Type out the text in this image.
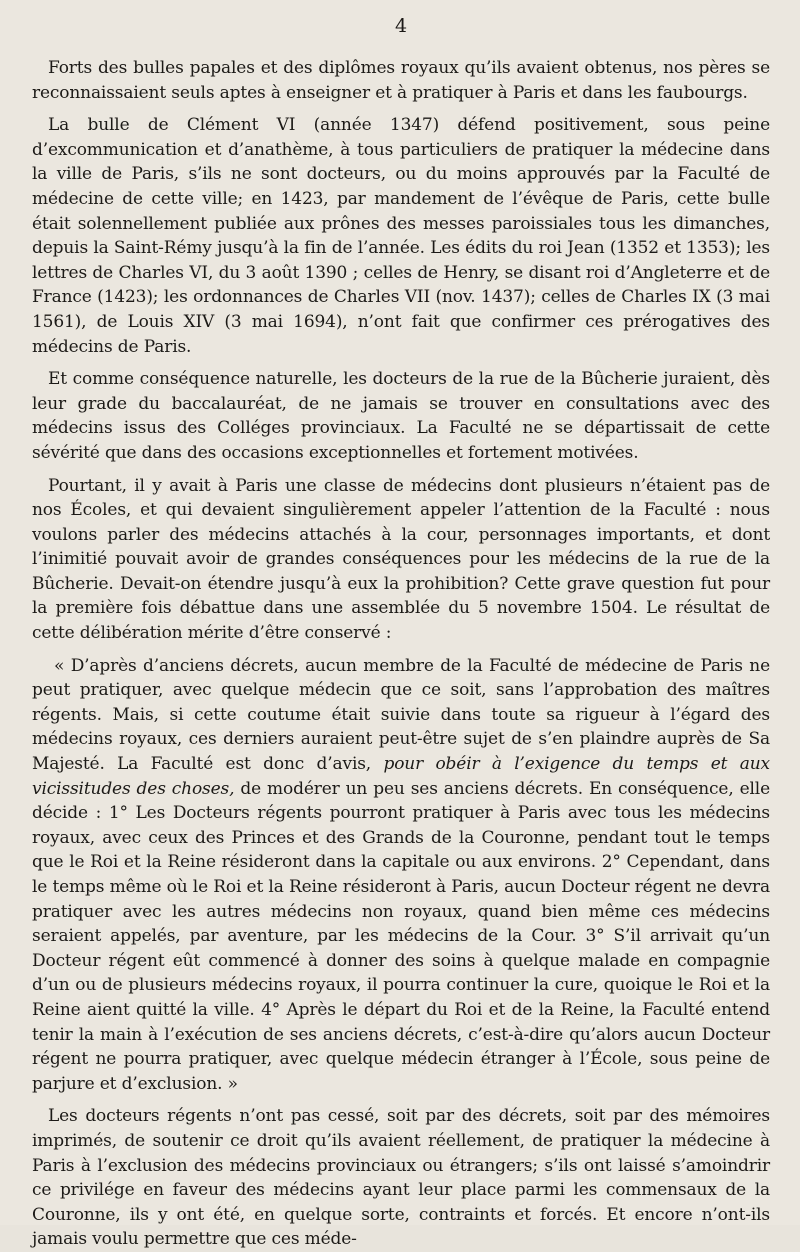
4

Forts des bulles papales et des diplômes royaux qu’ils avaient obtenus, nos pères se reconnaissaient seuls aptes à enseigner et à pratiquer à Paris et dans les faubourgs.

La bulle de Clément VI (année 1347) défend positivement, sous peine d’excommunication et d’anathème, à tous particuliers de pratiquer la médecine dans la ville de Paris, s’ils ne sont docteurs, ou du moins approuvés par la Faculté de médecine de cette ville; en 1423, par mandement de l’évêque de Paris, cette bulle était solennellement publiée aux prônes des messes paroissiales tous les dimanches, depuis la Saint-Rémy jusqu’à la fin de l’année. Les édits du roi Jean (1352 et 1353); les lettres de Charles VI, du 3 août 1390 ; celles de Henry, se disant roi d’Angleterre et de France (1423); les ordonnances de Charles VII (nov. 1437); celles de Charles IX (3 mai 1561), de Louis XIV (3 mai 1694), n’ont fait que confirmer ces prérogatives des médecins de Paris.

Et comme conséquence naturelle, les docteurs de la rue de la Bûcherie juraient, dès leur grade du baccalauréat, de ne jamais se trouver en consultations avec des médecins issus des Colléges provinciaux. La Faculté ne se départissait de cette sévérité que dans des occasions exceptionnelles et fortement motivées.

Pourtant, il y avait à Paris une classe de médecins dont plusieurs n’étaient pas de nos Écoles, et qui devaient singulièrement appeler l’attention de la Faculté : nous voulons parler des médecins attachés à la cour, personnages importants, et dont l’inimitié pouvait avoir de grandes conséquences pour les médecins de la rue de la Bûcherie. Devait-on étendre jusqu’à eux la prohibition? Cette grave question fut pour la première fois débattue dans une assemblée du 5 novembre 1504. Le résultat de cette délibération mérite d’être conservé :

« D’après d’anciens décrets, aucun membre de la Faculté de médecine de Paris ne peut pratiquer, avec quelque médecin que ce soit, sans l’approbation des maîtres régents. Mais, si cette coutume était suivie dans toute sa rigueur à l’égard des médecins royaux, ces derniers auraient peut-être sujet de s’en plaindre auprès de Sa Majesté. La Faculté est donc d’avis, pour obéir à l’exigence du temps et aux vicissitudes des choses, de modérer un peu ses anciens décrets. En conséquence, elle décide : 1° Les Docteurs régents pourront pratiquer à Paris avec tous les médecins royaux, avec ceux des Princes et des Grands de la Couronne, pendant tout le temps que le Roi et la Reine résideront dans la capitale ou aux environs. 2° Cependant, dans le temps même où le Roi et la Reine résideront à Paris, aucun Docteur régent ne devra pratiquer avec les autres médecins non royaux, quand bien même ces médecins seraient appelés, par aventure, par les médecins de la Cour. 3° S’il arrivait qu’un Docteur régent eût commencé à donner des soins à quelque malade en compagnie d’un ou de plusieurs médecins royaux, il pourra continuer la cure, quoique le Roi et la Reine aient quitté la ville. 4° Après le départ du Roi et de la Reine, la Faculté entend tenir la main à l’exécution de ses anciens décrets, c’est-à-dire qu’alors aucun Docteur régent ne pourra pratiquer, avec quelque médecin étranger à l’École, sous peine de parjure et d’exclusion. »

Les docteurs régents n’ont pas cessé, soit par des décrets, soit par des mémoires imprimés, de soutenir ce droit qu’ils avaient réellement, de pratiquer la médecine à Paris à l’exclusion des médecins provinciaux ou étrangers; s’ils ont laissé s’amoindrir ce privilége en faveur des médecins ayant leur place parmi les commensaux de la Couronne, ils y ont été, en quelque sorte, contraints et forcés. Et encore n’ont-ils jamais voulu permettre que ces méde-
